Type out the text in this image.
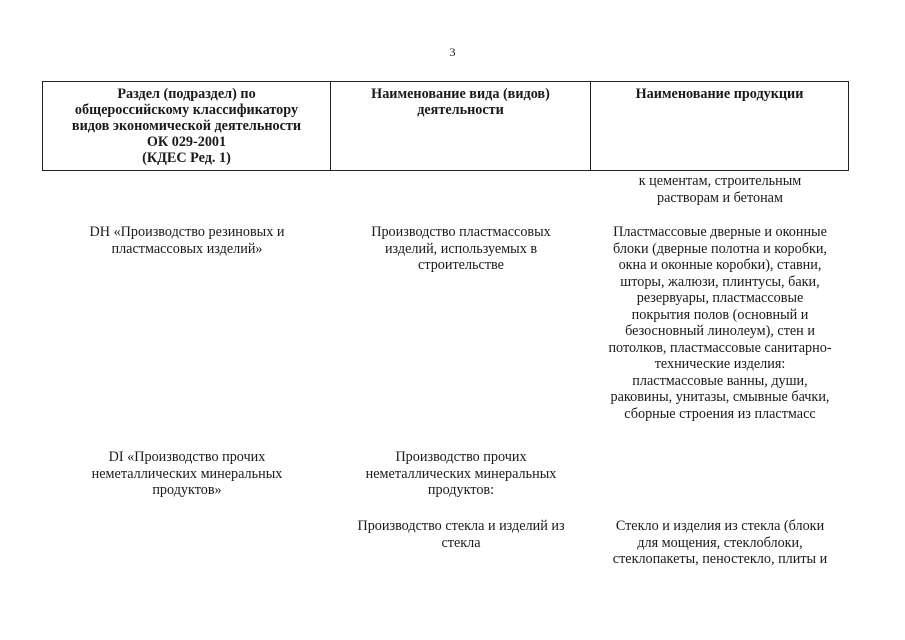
3
Раздел (подраздел) по
общероссийскому классификатору
видов экономической деятельности
ОК 029-2001
(КДЕС Ред. 1)
Наименование вида (видов)
деятельности
Наименование продукции
к цементам, строительным
растворам и бетонам
DH «Производство резиновых и
пластмассовых изделий»
Производство пластмассовых
изделий, используемых в
строительстве
Пластмассовые дверные и оконные
блоки (дверные полотна и коробки,
окна и оконные коробки), ставни,
шторы, жалюзи, плинтусы, баки,
резервуары, пластмассовые
покрытия полов (основный и
безосновный линолеум), стен и
потолков, пластмассовые санитарно-
технические изделия:
пластмассовые ванны, души,
раковины, унитазы, смывные бачки,
сборные строения из пластмасс
DI «Производство прочих
неметаллических минеральных
продуктов»
Производство прочих
неметаллических минеральных
продуктов:
Производство стекла и изделий из
стекла
Стекло и изделия из стекла (блоки
для мощения, стеклоблоки,
стеклопакеты, пеностекло, плиты и
